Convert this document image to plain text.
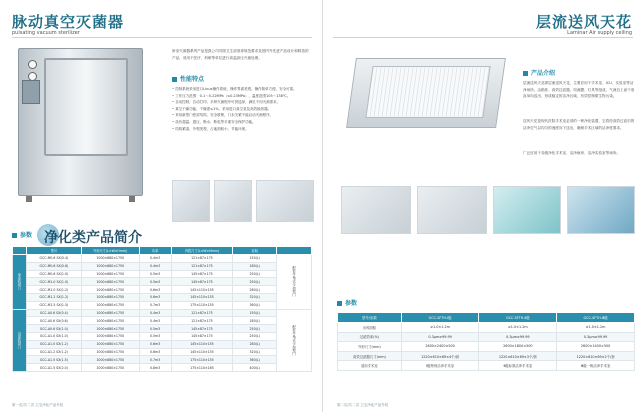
脉动真空灭菌器
pulsating vacuum sterilizer
卧室灭菌器系列产品是我公司对照卫生部消毒规范要求及国内外先进产品设计和制造的产品，适用于医疗、科研等单位进行高温高压灭菌处理。
性能特点
• 控制系统采用进口Linux操作系统，操作界面美观、操作简单方便，安全可靠。
• 工作压力范围：0.1～0.22MPa（≤0.23MPa），温度范围105～138℃。
• 自动控制、自动打印、多种灭菌程序可供选择，满足不同灭菌需求。
• 真空干燥功能、干燥度≤1%，采用进口真空泵及高效换热器。
• 采用新型门密封结构，安全联锁，门未关紧不能启动灭菌程序。
• 设有超温、超压、断水、断电等多重安全保护功能。
• 结构紧凑、外观美观，占地面积小、节能环保。
参数 净化类产品简介
	型号	外形尺寸(L×W×Hmm)	功率	内腔尺寸(L×W×Hmm)	容积	
单扉机动门	GCC-M0.6 SX(0.4)	1000×880×1750	0.4m3	121×87×175	150(L)	配有牛角式卡扣型门
	GCC-M0.6 SX(0.6)	1000×880×1750	0.4m3	121×87×175	180(L)	
	GCC-M0.6 SX(1.0)	1000×880×1750	0.5m3	145×87×175	250(L)	
	GCC-M1.0 SX(1.0)	1000×880×1750	0.5m3	145×87×175	250(L)	
	GCC-M1.0 SX(1.2)	1000×880×1750	0.6m3	145×110×155	280(L)	
	GCC-M1.2 SX(1.2)	1000×880×1750	0.6m3	145×110×155	320(L)	
	GCC-M1.5 SX(1.5)	1000×880×1750	0.7m3	175×110×155	360(L)	
双扉机动门	GCC-A0.6 SX(0.4)	1000×880×1750	0.4m3	121×87×175	150(L)	配有牛角式卡扣型门
	GCC-A0.6 SX(0.6)	1000×880×1750	0.4m3	121×87×175	180(L)	
	GCC-A0.6 SX(1.0)	1000×880×1750	0.5m3	145×87×175	250(L)	
	GCC-A1.0 SX(1.0)	1000×880×1750	0.5m3	145×87×175	250(L)	
	GCC-A1.0 SX(1.2)	1000×880×1750	0.6m3	145×110×155	280(L)	
	GCC-A1.2 SX(1.2)	1000×880×1750	0.6m3	145×110×155	320(L)	
	GCC-A1.5 SX(1.5)	1000×880×1750	0.7m3	175×110×155	360(L)	
	GCC-A1.5 SX(2.0)	1000×880×1750	0.8m3	175×110×165	400(L)	
第一页/共二页 卫宝净化产品介绍
层流送风天花
Laminar Air supply ceiling
产品介绍
层流送风天花即层流送风天花，主要应用于手术室、ICU、实验室等洁净场所。由箱体、高效过滤器、均流膜、灯具等组成，气流自上而下垂直单向送出，形成稳定的洁净区域，有效控制微生物污染。
送风天花是现代医院手术室必须的一种净化装置，它将经高效过滤后的洁净空气以均匀的速度向下送出，确保手术区域的洁净度要求。
广泛应用于各级净化手术室、洁净病房、洁净实验室等场所。
参数
型号/参数	GCC-SFTH-Ⅰ级	GCC-SFTH-Ⅱ级	GCC-SFTH-Ⅲ级
出风面积	≥1.0×1.2m	≥1.0×1.2m	≥1.0×1.2m
过滤效率(%)	0.3μm≥99.99	0.3μm≥99.99	0.3μm≥99.99
外形尺寸(mm)	2600×2400×500	2600×1800×500	2600×1400×500
高效过滤器尺寸(mm)	1220×610×69×4个/套	1220×610×69×3个/套	1220×610×69×2个/套
适用手术室	Ⅰ级特别洁净手术室	Ⅱ级标准洁净手术室	Ⅲ级一般洁净手术室
第二页/共二页 卫宝净化产品介绍
